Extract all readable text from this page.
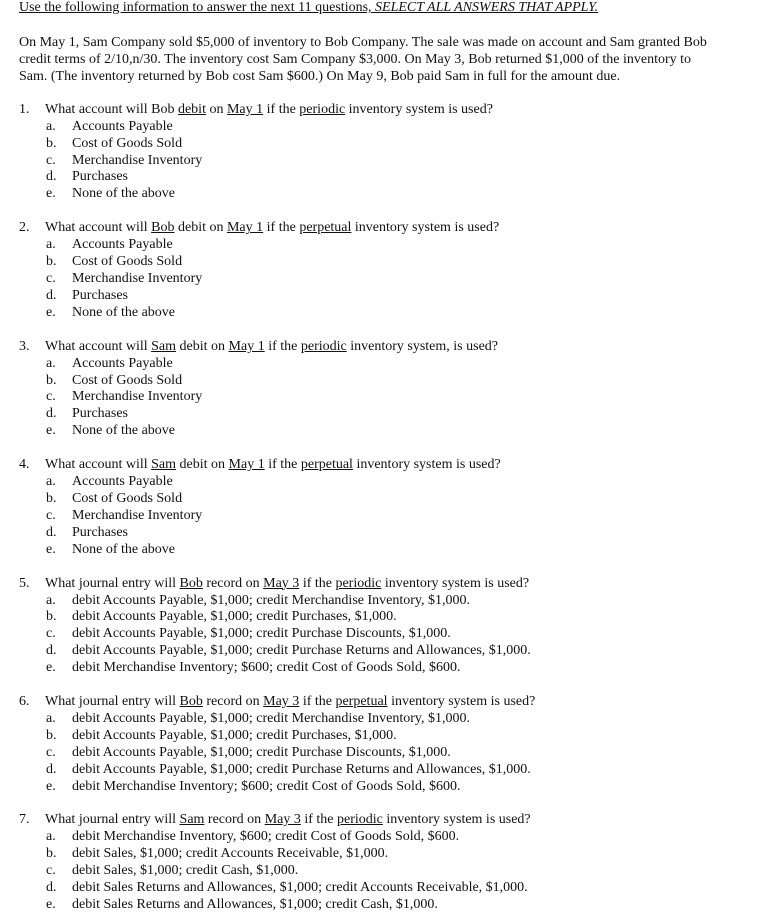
Use the following information to answer the next 11 questions, SELECT ALL ANSWERS THAT APPLY.

On May 1, Sam Company sold $5,000 of inventory to Bob Company. The sale was made on account and Sam granted Bob
credit terms of 2/10,n/30. The inventory cost Sam Company $3,000. On May 3, Bob returned $1,000 of the inventory to
Sam. (The inventory returned by Bob cost Sam $600.) On May 9, Bob paid Sam in full for the amount due.
1.	What account will Bob debit on May 1 if the periodic inventory system is used?
a.	Accounts Payable
b.	Cost of Goods Sold
c.	Merchandise Inventory
d.	Purchases
e.	None of the above
2.	What account will Bob debit on May 1 if the perpetual inventory system is used?
a.	Accounts Payable
b.	Cost of Goods Sold
c.	Merchandise Inventory
d.	Purchases
e.	None of the above
3.	What account will Sam debit on May 1 if the periodic inventory system, is used?
a.	Accounts Payable
b.	Cost of Goods Sold
c.	Merchandise Inventory
d.	Purchases
e.	None of the above
4.	What account will Sam debit on May 1 if the perpetual inventory system is used?
a.	Accounts Payable
b.	Cost of Goods Sold
c.	Merchandise Inventory
d.	Purchases
e.	None of the above
5.	What journal entry will Bob record on May 3 if the periodic inventory system is used?
a.	debit Accounts Payable, $1,000; credit Merchandise Inventory, $1,000.
b.	debit Accounts Payable, $1,000; credit Purchases, $1,000.
c.	debit Accounts Payable, $1,000; credit Purchase Discounts, $1,000.
d.	debit Accounts Payable, $1,000; credit Purchase Returns and Allowances, $1,000.
e.	debit Merchandise Inventory; $600; credit Cost of Goods Sold, $600.
6.	What journal entry will Bob record on May 3 if the perpetual inventory system is used?
a.	debit Accounts Payable, $1,000; credit Merchandise Inventory, $1,000.
b.	debit Accounts Payable, $1,000; credit Purchases, $1,000.
c.	debit Accounts Payable, $1,000; credit Purchase Discounts, $1,000.
d.	debit Accounts Payable, $1,000; credit Purchase Returns and Allowances, $1,000.
e.	debit Merchandise Inventory; $600; credit Cost of Goods Sold, $600.
7.	What journal entry will Sam record on May 3 if the periodic inventory system is used?
a.	debit Merchandise Inventory, $600; credit Cost of Goods Sold, $600.
b.	debit Sales, $1,000; credit Accounts Receivable, $1,000.
c.	debit Sales, $1,000; credit Cash, $1,000.
d.	debit Sales Returns and Allowances, $1,000; credit Accounts Receivable, $1,000.
e.	debit Sales Returns and Allowances, $1,000; credit Cash, $1,000.
